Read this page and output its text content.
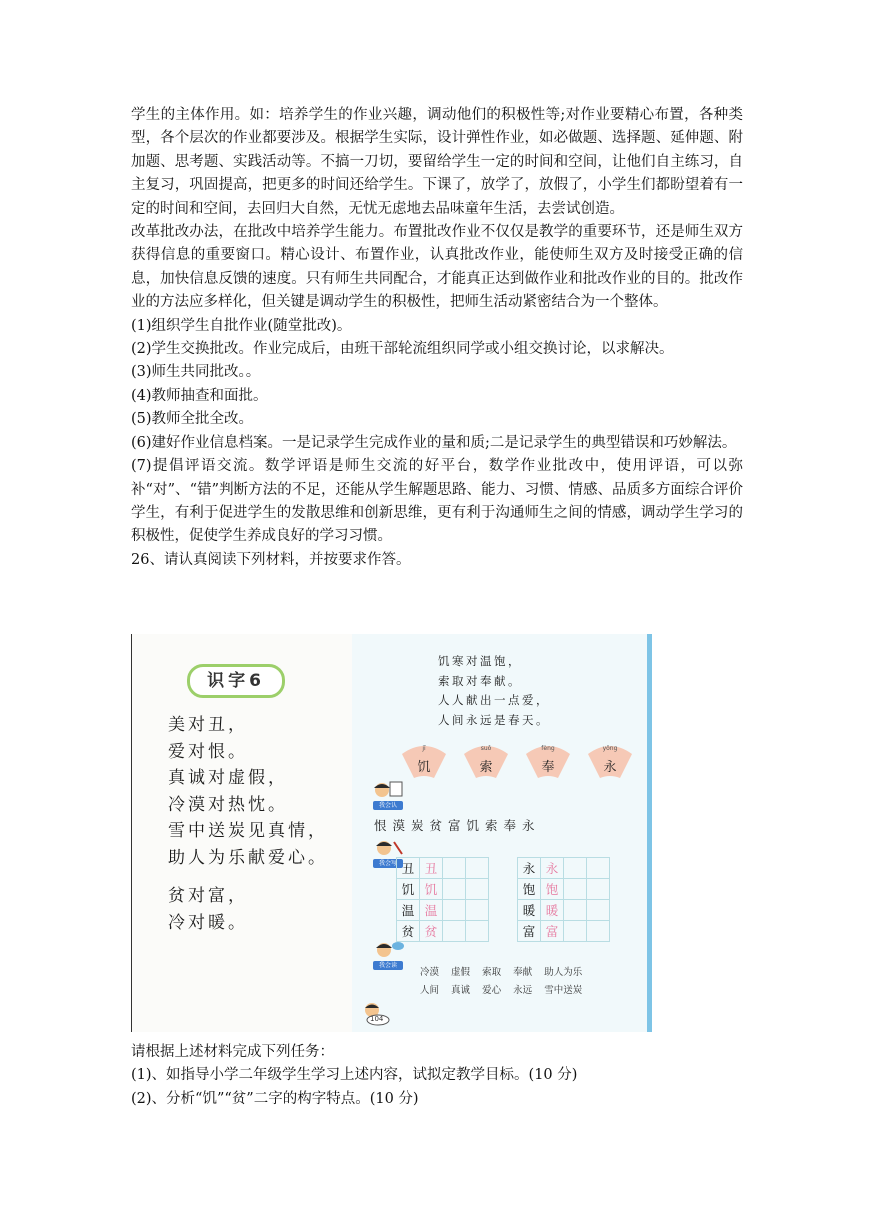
学生的主体作用。如：培养学生的作业兴趣，调动他们的积极性等;对作业要精心布置，各种类型，各个层次的作业都要涉及。根据学生实际，设计弹性作业，如必做题、选择题、延伸题、附加题、思考题、实践活动等。不搞一刀切，要留给学生一定的时间和空间，让他们自主练习，自主复习，巩固提高，把更多的时间还给学生。下课了，放学了，放假了，小学生们都盼望着有一定的时间和空间，去回归大自然，无忧无虑地去品味童年生活，去尝试创造。

改革批改办法，在批改中培养学生能力。布置批改作业不仅仅是教学的重要环节，还是师生双方获得信息的重要窗口。精心设计、布置作业，认真批改作业，能使师生双方及时接受正确的信息，加快信息反馈的速度。只有师生共同配合，才能真正达到做作业和批改作业的目的。批改作业的方法应多样化，但关键是调动学生的积极性，把师生活动紧密结合为一个整体。

(1)组织学生自批作业(随堂批改)。

(2)学生交换批改。作业完成后，由班干部轮流组织同学或小组交换讨论，以求解决。

(3)师生共同批改。。

(4)教师抽查和面批。

(5)教师全批全改。

(6)建好作业信息档案。一是记录学生完成作业的量和质;二是记录学生的典型错误和巧妙解法。

(7)提倡评语交流。数学评语是师生交流的好平台，数学作业批改中，使用评语，可以弥补“对”、“错”判断方法的不足，还能从学生解题思路、能力、习惯、情感、品质多方面综合评价学生，有利于促进学生的发散思维和创新思维，更有利于沟通师生之间的情感，调动学生学习的积极性，促使学生养成良好的学习习惯。

26、请认真阅读下列材料，并按要求作答。

识字6
美对丑，
爱对恨。
真诚对虚假，
冷漠对热忱。
雪中送炭见真情，
助人为乐献爱心。
贫对富，
冷对暖。
饥寒对温饱，
索取对奉献。
人人献出一点爱，
人间永远是春天。
jī
饥
suǒ
索
fèng
奉
yǒng
永
我会认
恨漠炭贫富饥索奉永
我会写 丑	丑				永	永		
饥	饥				饱	饱		
温	温				暖	暖		
贫	贫				富	富		
我会读
冷漠 虚假 索取 奉献 助人为乐
人间 真诚 爱心 永远 雪中送炭
104

请根据上述材料完成下列任务：

(1)、如指导小学二年级学生学习上述内容，试拟定教学目标。(10 分)

(2)、分析“饥”“贫”二字的构字特点。(10 分)
